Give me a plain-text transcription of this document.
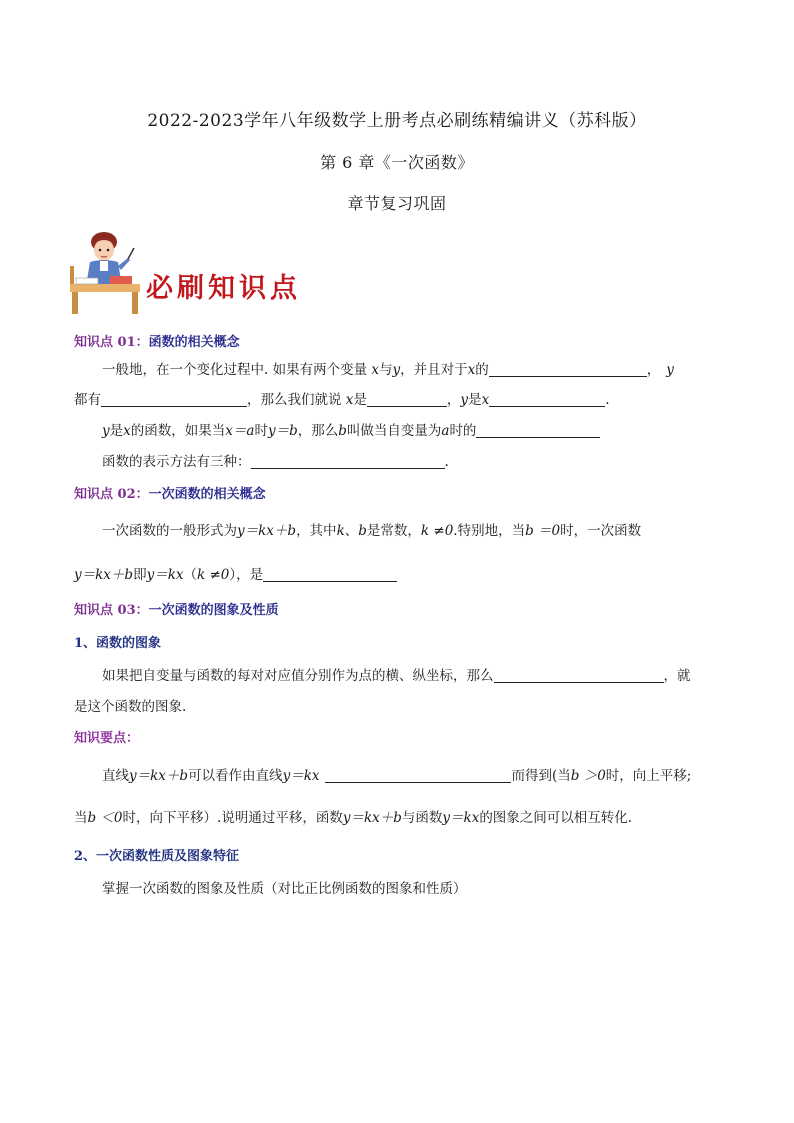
2022-2023学年八年级数学上册考点必刷练精编讲义（苏科版）
第 6 章《一次函数》
章节复习巩固
必刷知识点
知识点 01：函数的相关概念
一般地，在一个变化过程中. 如果有两个变量 x与y，并且对于x的	， y
都有	，那么我们就说 x是	，y是x	.
y是x的函数，如果当x＝a时y＝b，那么b叫做当自变量为a时的
函数的表示方法有三种：	.
知识点 02：一次函数的相关概念
一次函数的一般形式为y＝kx＋b，其中k、b是常数，k ≠0.特别地，当b ＝0时，一次函数
y＝kx＋b即y＝kx（k ≠0），是
知识点 03：一次函数的图象及性质
1、函数的图象
如果把自变量与函数的每对对应值分别作为点的横、纵坐标，那么	，就
是这个函数的图象.
知识要点：
直线y＝kx＋b可以看作由直线y＝kx	而得到(当b ＞0时，向上平移;
当b ＜0时，向下平移）.说明通过平移，函数y＝kx＋b与函数y＝kx的图象之间可以相互转化.
2、一次函数性质及图象特征
掌握一次函数的图象及性质（对比正比例函数的图象和性质）
